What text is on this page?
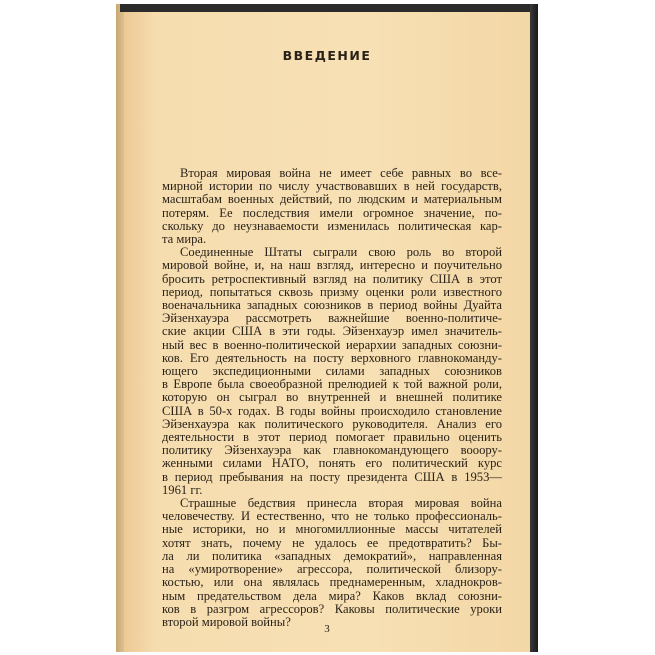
ВВЕДЕНИЕ
Вторая мировая война не имеет себе равных во все-
мирной истории по числу участвовавших в ней государств,
масштабам военных действий, по людским и материальным
потерям. Ее последствия имели огромное значение, по-
скольку до неузнаваемости изменилась политическая кар-
та мира.
Соединенные Штаты сыграли свою роль во второй
мировой войне, и, на наш взгляд, интересно и поучительно
бросить ретроспективный взгляд на политику США в этот
период, попытаться сквозь призму оценки роли известного
военачальника западных союзников в период войны Дуайта
Эйзенхауэра рассмотреть важнейшие военно-политиче-
ские акции США в эти годы. Эйзенхауэр имел значитель-
ный вес в военно-политической иерархии западных союзни-
ков. Его деятельность на посту верховного главнокоманду-
ющего экспедиционными силами западных союзников
в Европе была своеобразной прелюдией к той важной роли,
которую он сыграл во внутренней и внешней политике
США в 50-х годах. В годы войны происходило становление
Эйзенхауэра как политического руководителя. Анализ его
деятельности в этот период помогает правильно оценить
политику Эйзенхауэра как главнокомандующего вооору-
женными силами НАТО, понять его политический курс
в период пребывания на посту президента США в 1953—
1961 гг.
Страшные бедствия принесла вторая мировая война
человечеству. И естественно, что не только профессиональ-
ные историки, но и многомиллионные массы читателей
хотят знать, почему не удалось ее предотвратить? Бы-
ла ли политика «западных демократий», направленная
на «умиротворение» агрессора, политической близору-
костью, или она являлась преднамеренным, хладнокров-
ным предательством дела мира? Каков вклад союзни-
ков в разгром агрессоров? Каковы политические уроки
второй мировой войны?
3
